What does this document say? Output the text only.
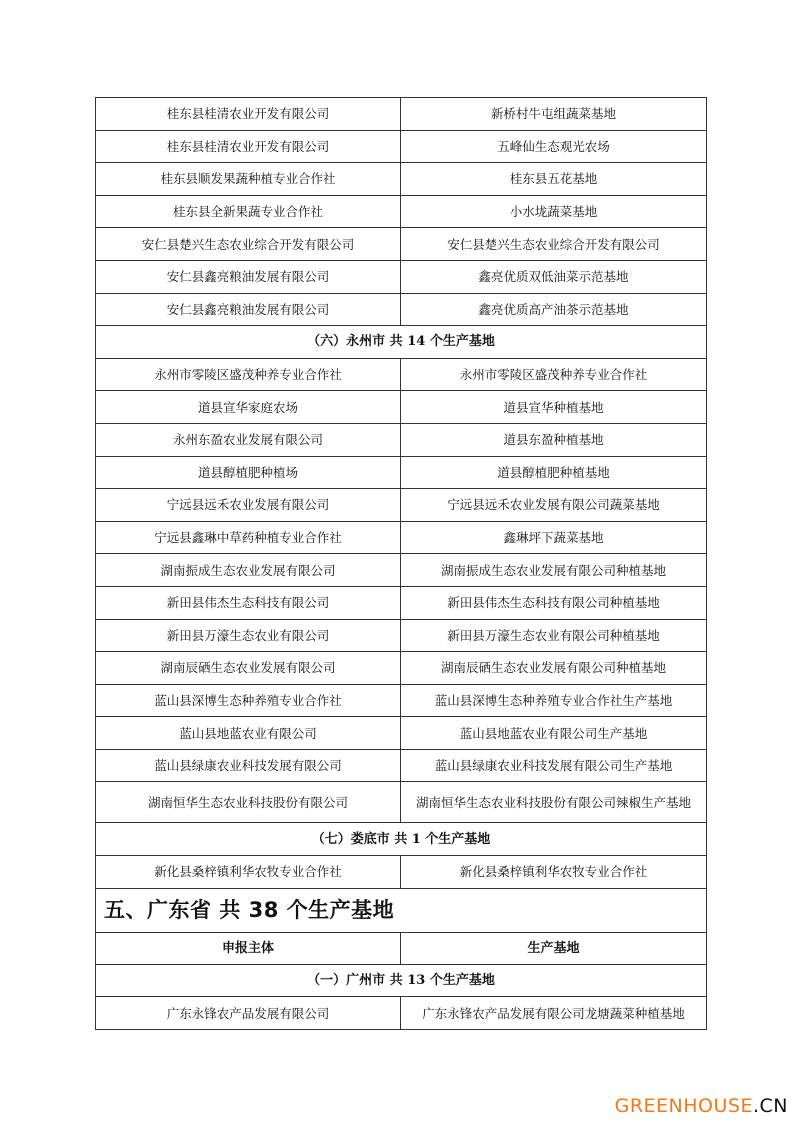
桂东县桂清农业开发有限公司	新桥村牛屯组蔬菜基地
桂东县桂清农业开发有限公司	五峰仙生态观光农场
桂东县顺发果蔬种植专业合作社	桂东县五花基地
桂东县全新果蔬专业合作社	小水垅蔬菜基地
安仁县楚兴生态农业综合开发有限公司	安仁县楚兴生态农业综合开发有限公司
安仁县鑫亮粮油发展有限公司	鑫亮优质双低油菜示范基地
安仁县鑫亮粮油发展有限公司	鑫亮优质高产油茶示范基地
（六）永州市 共 14 个生产基地	
永州市零陵区盛茂种养专业合作社	永州市零陵区盛茂种养专业合作社
道县宣华家庭农场	道县宣华种植基地
永州东盈农业发展有限公司	道县东盈种植基地
道县醇植肥种植场	道县醇植肥种植基地
宁远县远禾农业发展有限公司	宁远县远禾农业发展有限公司蔬菜基地
宁远县鑫琳中草药种植专业合作社	鑫琳坪下蔬菜基地
湖南振成生态农业发展有限公司	湖南振成生态农业发展有限公司种植基地
新田县伟杰生态科技有限公司	新田县伟杰生态科技有限公司种植基地
新田县万濠生态农业有限公司	新田县万濠生态农业有限公司种植基地
湖南辰硒生态农业发展有限公司	湖南辰硒生态农业发展有限公司种植基地
蓝山县深博生态种养殖专业合作社	蓝山县深博生态种养殖专业合作社生产基地
蓝山县地蓝农业有限公司	蓝山县地蓝农业有限公司生产基地
蓝山县绿康农业科技发展有限公司	蓝山县绿康农业科技发展有限公司生产基地
湖南恒华生态农业科技股份有限公司	湖南恒华生态农业科技股份有限公司辣椒生产基地
（七）娄底市 共 1 个生产基地	
新化县桑梓镇利华农牧专业合作社	新化县桑梓镇利华农牧专业合作社
五、广东省 共 38 个生产基地	
申报主体	生产基地
（一）广州市 共 13 个生产基地	
广东永锋农产品发展有限公司	广东永锋农产品发展有限公司龙塘蔬菜种植基地
GREENHOUSE.CN
